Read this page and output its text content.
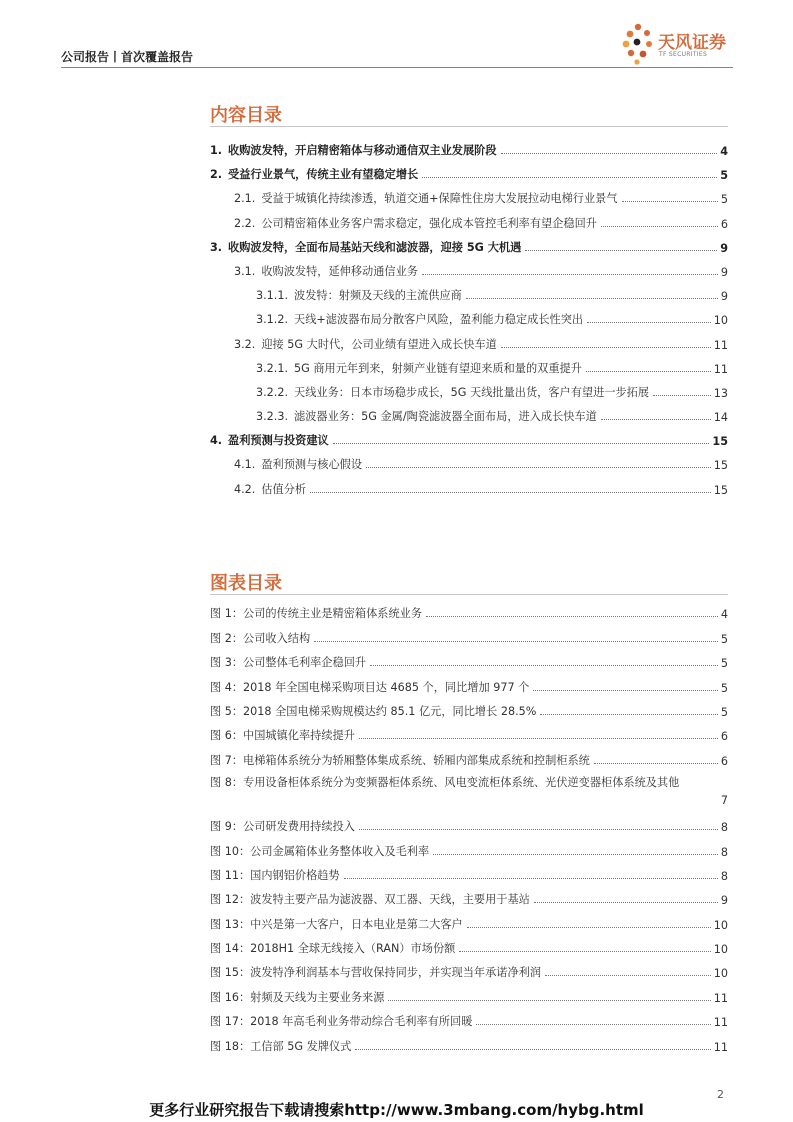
公司报告丨首次覆盖报告
天风证券
TF SECURITIES
内容目录
1. 收购波发特，开启精密箱体与移动通信双主业发展阶段	4
2. 受益行业景气，传统主业有望稳定增长	5
2.1. 受益于城镇化持续渗透，轨道交通+保障性住房大发展拉动电梯行业景气	5
2.2. 公司精密箱体业务客户需求稳定，强化成本管控毛利率有望企稳回升	6
3. 收购波发特，全面布局基站天线和滤波器，迎接 5G 大机遇	9
3.1. 收购波发特，延伸移动通信业务	9
3.1.1. 波发特：射频及天线的主流供应商	9
3.1.2. 天线+滤波器布局分散客户风险，盈利能力稳定成长性突出	10
3.2. 迎接 5G 大时代，公司业绩有望进入成长快车道	11
3.2.1. 5G 商用元年到来，射频产业链有望迎来质和量的双重提升	11
3.2.2. 天线业务：日本市场稳步成长，5G 天线批量出货，客户有望进一步拓展	13
3.2.3. 滤波器业务：5G 金属/陶瓷滤波器全面布局，进入成长快车道	14
4. 盈利预测与投资建议	15
4.1. 盈利预测与核心假设	15
4.2. 估值分析	15
图表目录
图 1：公司的传统主业是精密箱体系统业务	4
图 2：公司收入结构	5
图 3：公司整体毛利率企稳回升	5
图 4：2018 年全国电梯采购项目达 4685 个，同比增加 977 个	5
图 5：2018 全国电梯采购规模达约 85.1 亿元，同比增长 28.5%	5
图 6：中国城镇化率持续提升	6
图 7：电梯箱体系统分为轿厢整体集成系统、轿厢内部集成系统和控制柜系统	6
图 8：专用设备柜体系统分为变频器柜体系统、风电变流柜体系统、光伏逆变器柜体系统及其他
7
图 9：公司研发费用持续投入	8
图 10：公司金属箱体业务整体收入及毛利率	8
图 11：国内钢铝价格趋势	8
图 12：波发特主要产品为滤波器、双工器、天线，主要用于基站	9
图 13：中兴是第一大客户，日本电业是第二大客户	10
图 14：2018H1 全球无线接入（RAN）市场份额	10
图 15：波发特净利润基本与营收保持同步，并实现当年承诺净利润	10
图 16：射频及天线为主要业务来源	11
图 17：2018 年高毛利业务带动综合毛利率有所回暖	11
图 18：工信部 5G 发牌仪式	11
2
更多行业研究报告下载请搜索http://www.3mbang.com/hybg.html
